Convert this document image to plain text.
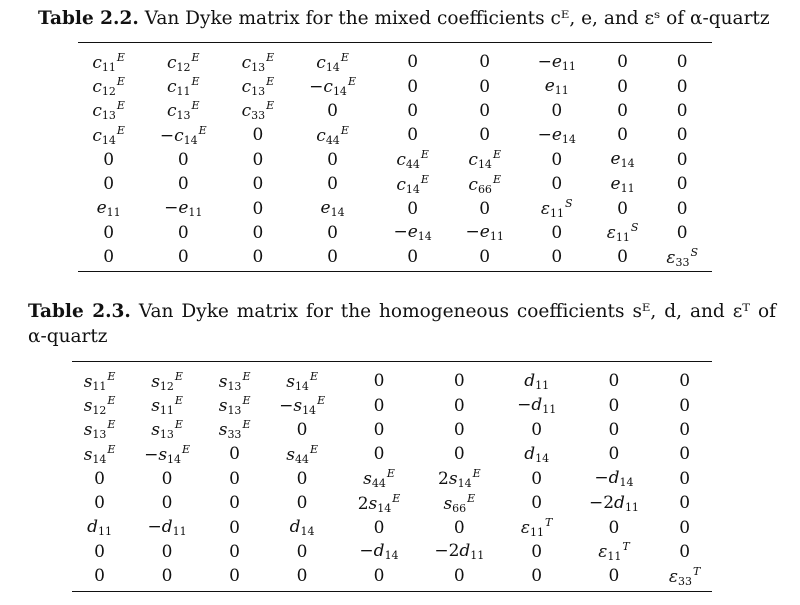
Table 2.2. Van Dyke matrix for the mixed coefficients cᴱ, e, and εˢ of α-quartz
$c_{11}^E$	$c_{12}^E$	$c_{13}^E$	$c_{14}^E$	0	0	$-e_{11}$	0	0
$c_{12}^E$	$c_{11}^E$	$c_{13}^E$	$-c_{14}^E$	0	0	$e_{11}$	0	0
$c_{13}^E$	$c_{13}^E$	$c_{33}^E$	0	0	0	0	0	0
$c_{14}^E$	$-c_{14}^E$	0	$c_{44}^E$	0	0	$-e_{14}$	0	0
0	0	0	0	$c_{44}^E$	$c_{14}^E$	0	$e_{14}$	0
0	0	0	0	$c_{14}^E$	$c_{66}^E$	0	$e_{11}$	0
$e_{11}$	$-e_{11}$	0	$e_{14}$	0	0	$\varepsilon_{11}^S$	0	0
0	0	0	0	$-e_{14}$	$-e_{11}$	0	$\varepsilon_{11}^S$	0
0	0	0	0	0	0	0	0	$\varepsilon_{33}^S$
Table 2.3. Van Dyke matrix for the homogeneous coefficients sᴱ, d, and εᵀ of
α-quartz
$s_{11}^E$	$s_{12}^E$	$s_{13}^E$	$s_{14}^E$	0	0	$d_{11}$	0	0
$s_{12}^E$	$s_{11}^E$	$s_{13}^E$	$-s_{14}^E$	0	0	$-d_{11}$	0	0
$s_{13}^E$	$s_{13}^E$	$s_{33}^E$	0	0	0	0	0	0
$s_{14}^E$	$-s_{14}^E$	0	$s_{44}^E$	0	0	$d_{14}$	0	0
0	0	0	0	$s_{44}^E$	$2s_{14}^E$	0	$-d_{14}$	0
0	0	0	0	$2s_{14}^E$	$s_{66}^E$	0	$-2d_{11}$	0
$d_{11}$	$-d_{11}$	0	$d_{14}$	0	0	$\varepsilon_{11}^T$	0	0
0	0	0	0	$-d_{14}$	$-2d_{11}$	0	$\varepsilon_{11}^T$	0
0	0	0	0	0	0	0	0	$\varepsilon_{33}^T$
